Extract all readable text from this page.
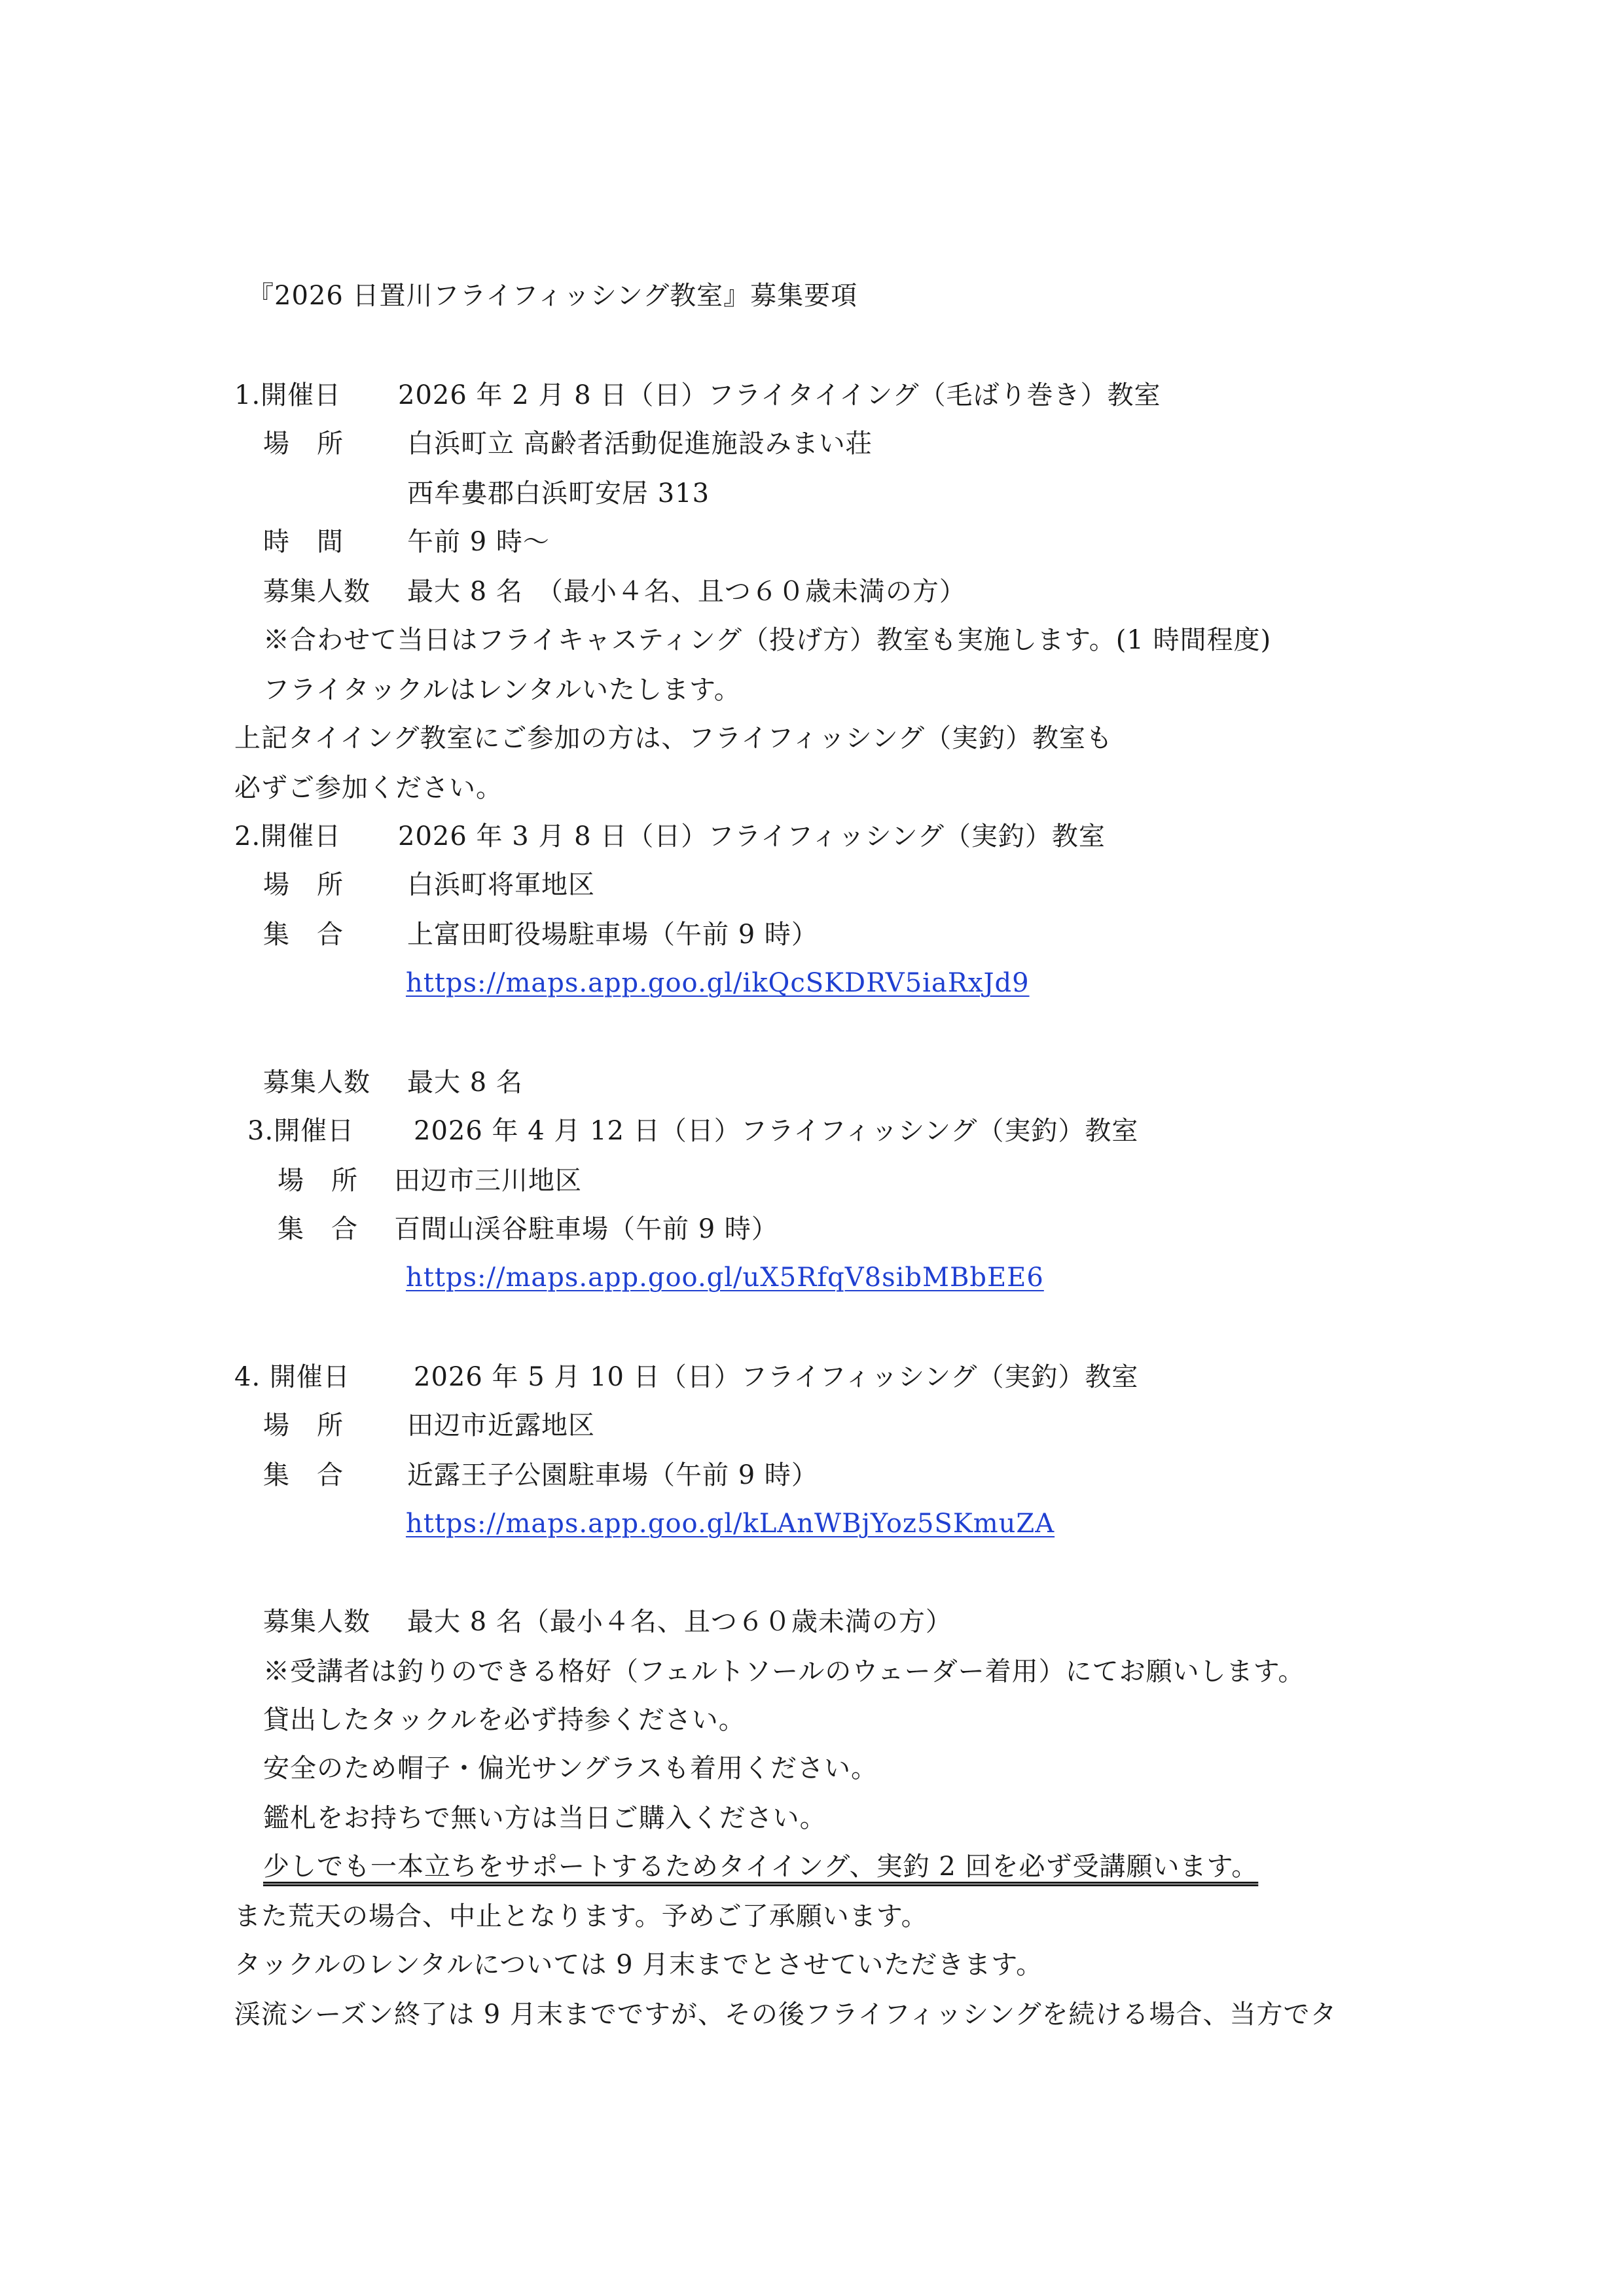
『2026 日置川フライフィッシング教室』募集要項
1.開催日 2026 年 2 月 8 日（日）フライタイイング（毛ばり巻き）教室
場　所 白浜町立 高齢者活動促進施設みまい荘
西牟婁郡白浜町安居 313
時　間 午前 9 時～
募集人数 最大 8 名　（最小４名、且つ６０歳未満の方）
※合わせて当日はフライキャスティング（投げ方）教室も実施します。(1 時間程度)
フライタックルはレンタルいたします。
上記タイイング教室にご参加の方は、フライフィッシング（実釣）教室も
必ずご参加ください。
2.開催日 2026 年 3 月 8 日（日）フライフィッシング（実釣）教室
場　所 白浜町将軍地区
集　合 上富田町役場駐車場（午前 9 時）
https://maps.app.goo.gl/ikQcSKDRV5iaRxJd9
募集人数 最大 8 名
3.開催日 2026 年 4 月 12 日（日）フライフィッシング（実釣）教室
場　所 田辺市三川地区
集　合 百間山渓谷駐車場（午前 9 時）
https://maps.app.goo.gl/uX5RfqV8sibMBbEE6
4. 開催日 2026 年 5 月 10 日（日）フライフィッシング（実釣）教室
場　所 田辺市近露地区
集　合 近露王子公園駐車場（午前 9 時）
https://maps.app.goo.gl/kLAnWBjYoz5SKmuZA
募集人数 最大 8 名（最小４名、且つ６０歳未満の方）
※受講者は釣りのできる格好（フェルトソールのウェーダー着用）にてお願いします。
貸出したタックルを必ず持参ください。
安全のため帽子・偏光サングラスも着用ください。
鑑札をお持ちで無い方は当日ご購入ください。
少しでも一本立ちをサポートするためタイイング、実釣 2 回を必ず受講願います。
また荒天の場合、中止となります。予めご了承願います。
タックルのレンタルについては 9 月末までとさせていただきます。
渓流シーズン終了は 9 月末までですが、その後フライフィッシングを続ける場合、当方でタ
